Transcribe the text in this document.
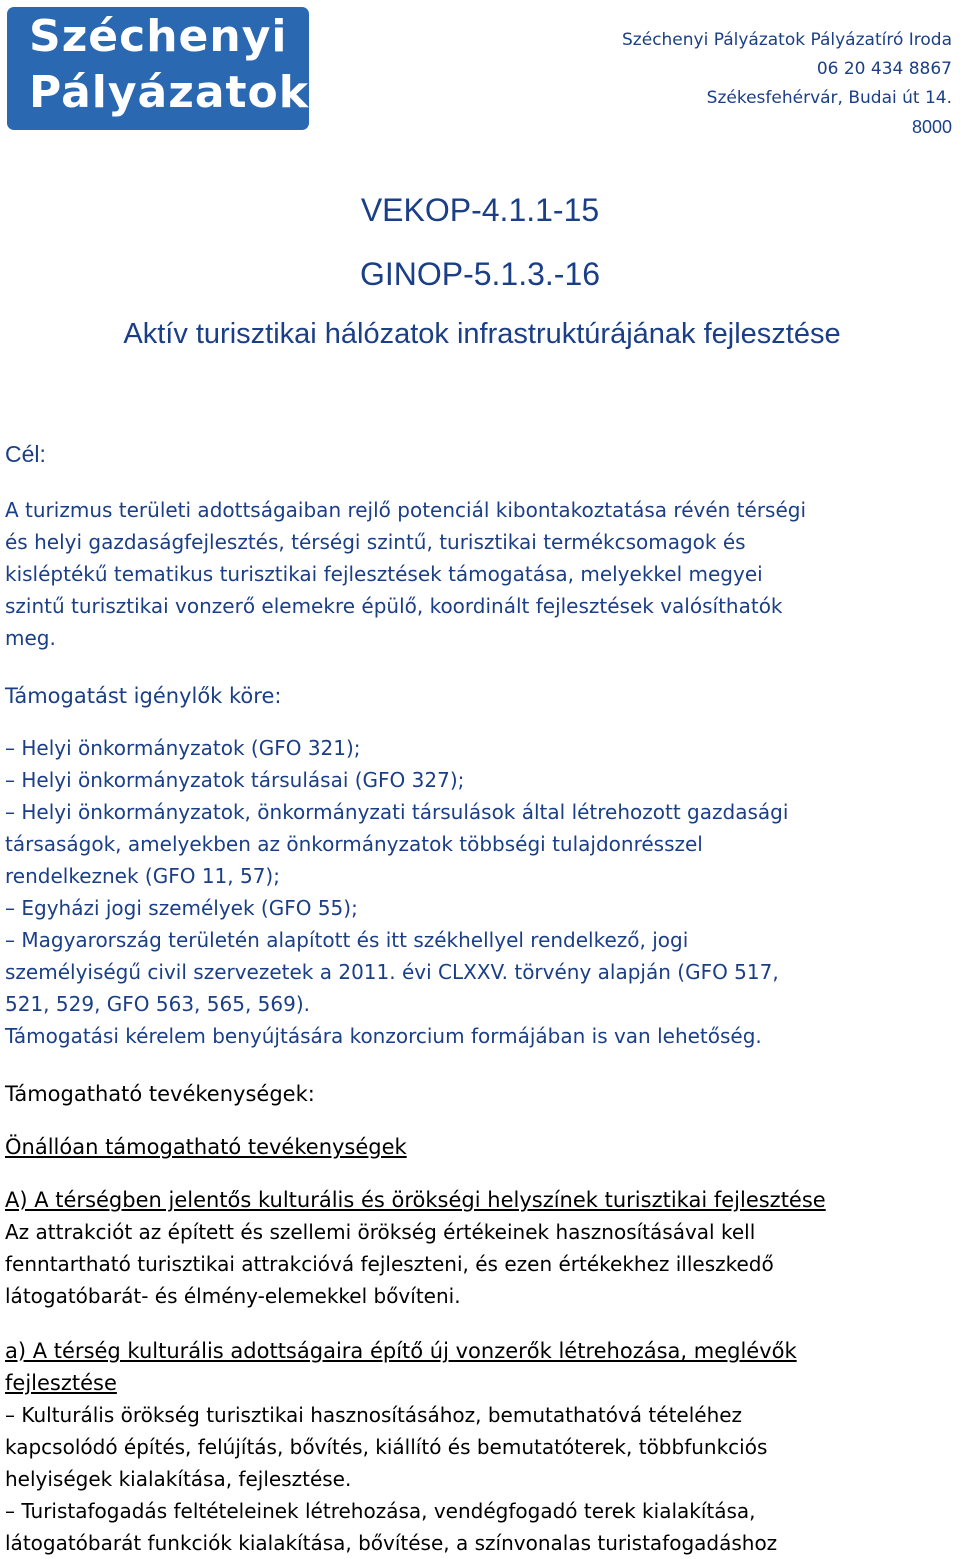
Széchenyi
Pályázatok
Széchenyi Pályázatok Pályázatíró Iroda
06 20 434 8867
Székesfehérvár, Budai út 14.
8000
VEKOP-4.1.1-15
GINOP-5.1.3.-16
Aktív turisztikai hálózatok infrastruktúrájának fejlesztése
Cél:
A turizmus területi adottságaiban rejlő potenciál kibontakoztatása révén térségi
és helyi gazdaságfejlesztés, térségi szintű, turisztikai termékcsomagok és
kisléptékű tematikus turisztikai fejlesztések támogatása, melyekkel megyei
szintű turisztikai vonzerő elemekre épülő, koordinált fejlesztések valósíthatók
meg.
Támogatást igénylők köre:
– Helyi önkormányzatok (GFO 321);
– Helyi önkormányzatok társulásai (GFO 327);
– Helyi önkormányzatok, önkormányzati társulások által létrehozott gazdasági
társaságok, amelyekben az önkormányzatok többségi tulajdonrésszel
rendelkeznek (GFO 11, 57);
– Egyházi jogi személyek (GFO 55);
– Magyarország területén alapított és itt székhellyel rendelkező, jogi
személyiségű civil szervezetek a 2011. évi CLXXV. törvény alapján (GFO 517,
521, 529, GFO 563, 565, 569).
Támogatási kérelem benyújtására konzorcium formájában is van lehetőség.
Támogatható tevékenységek:
Önállóan támogatható tevékenységek
A) A térségben jelentős kulturális és örökségi helyszínek turisztikai fejlesztése
Az attrakciót az épített és szellemi örökség értékeinek hasznosításával kell
fenntartható turisztikai attrakcióvá fejleszteni, és ezen értékekhez illeszkedő
látogatóbarát- és élmény-elemekkel bővíteni.
a) A térség kulturális adottságaira építő új vonzerők létrehozása, meglévők
fejlesztése
– Kulturális örökség turisztikai hasznosításához, bemutathatóvá tételéhez
kapcsolódó építés, felújítás, bővítés, kiállító és bemutatóterek, többfunkciós
helyiségek kialakítása, fejlesztése.
– Turistafogadás feltételeinek létrehozása, vendégfogadó terek kialakítása,
látogatóbarát funkciók kialakítása, bővítése, a színvonalas turistafogadáshoz
